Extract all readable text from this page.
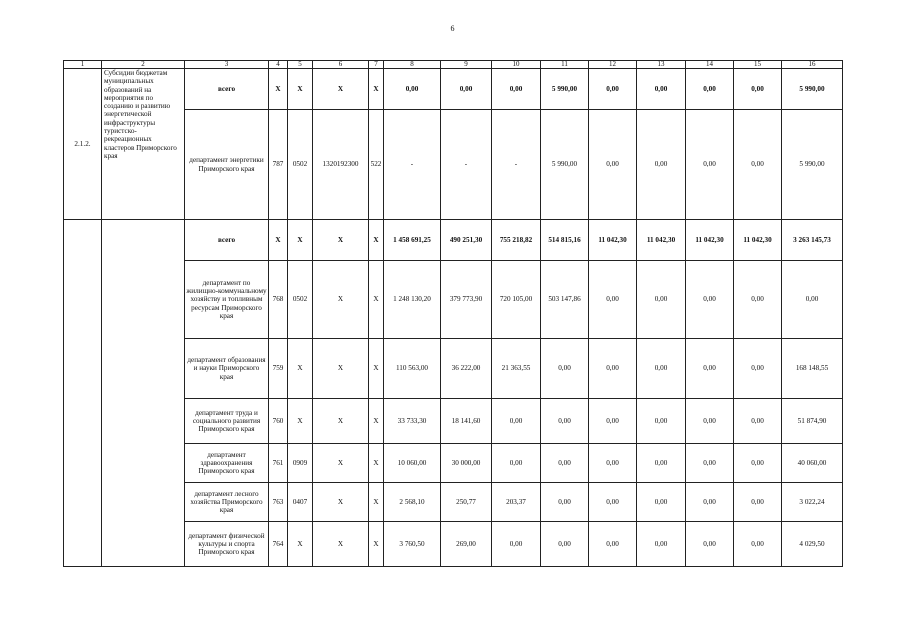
6
1	2	3	4	5	6	7	8	9	10	11	12	13	14	15	16
2.1.2.	Субсидии бюджетам муниципальных образований на мероприятия по созданию и развитию энергетической инфраструктуры туристско-рекреационных кластеров Приморского края	всего	X	X	X	X	0,00	0,00	0,00	5 990,00	0,00	0,00	0,00	0,00	5 990,00
		департамент энергетики Приморского края	787	0502	1320192300	522	-	-	-	5 990,00	0,00	0,00	0,00	0,00	5 990,00
		всего	X	X	X	X	1 458 691,25	490 251,30	755 218,82	514 815,16	11 042,30	11 042,30	11 042,30	11 042,30	3 263 145,73
		департамент по жилищно-коммунальному хозяйству и топливным ресурсам Приморского края	768	0502	X	X	1 248 130,20	379 773,90	720 105,00	503 147,86	0,00	0,00	0,00	0,00	0,00
		департамент образования и науки Приморского края	759	X	X	X	110 563,00	36 222,00	21 363,55	0,00	0,00	0,00	0,00	0,00	168 148,55
		департамент труда и социального развития Приморского края	760	X	X	X	33 733,30	18 141,60	0,00	0,00	0,00	0,00	0,00	0,00	51 874,90
		департамент здравоохранения Приморского края	761	0909	X	X	10 060,00	30 000,00	0,00	0,00	0,00	0,00	0,00	0,00	40 060,00
		департамент лесного хозяйства Приморского края	763	0407	X	X	2 568,10	250,77	203,37	0,00	0,00	0,00	0,00	0,00	3 022,24
		департамент физической культуры и спорта Приморского края	764	X	X	X	3 760,50	269,00	0,00	0,00	0,00	0,00	0,00	0,00	4 029,50
